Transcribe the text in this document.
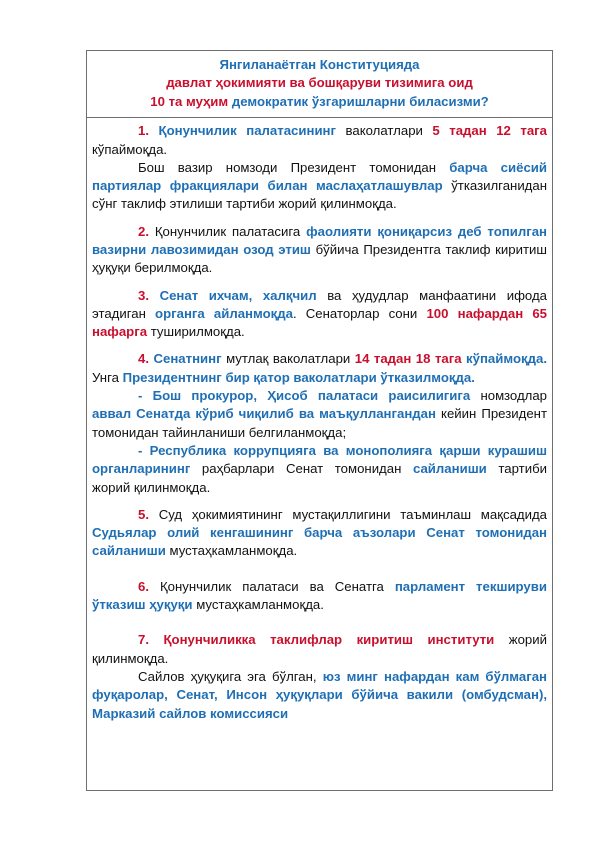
Янгиланаётган Конституцияда
давлат ҳокимияти ва бошқаруви тизимига оид
10 та муҳим демократик ўзгаришларни биласизми?

1. Қонунчилик палатасининг ваколатлари 5 тадан 12 тага кўпаймоқда.

Бош вазир номзоди Президент томонидан барча сиёсий партиялар фракциялари билан маслаҳатлашувлар ўтказилганидан сўнг таклиф этилиши тартиби жорий қилинмоқда.

2. Қонунчилик палатасига фаолияти қониқарсиз деб топилган вазирни лавозимидан озод этиш бўйича Президентга таклиф киритиш ҳуқуқи берилмоқда.

3. Сенат ихчам, халқчил ва ҳудудлар манфаатини ифода этадиган органга айланмоқда. Сенаторлар сони 100 нафардан 65 нафарга туширилмоқда.

4. Сенатнинг мутлақ ваколатлари 14 тадан 18 тага кўпаймоқда. Унга Президентнинг бир қатор ваколатлари ўтказилмоқда.

- Бош прокурор, Ҳисоб палатаси раисилигига номзодлар аввал Сенатда кўриб чиқилиб ва маъқуллангандан кейин Президент томонидан тайинланиши белгиланмоқда;

- Республика коррупцияга ва монополияга қарши курашиш органларининг раҳбарлари Сенат томонидан сайланиши тартиби жорий қилинмоқда.

5. Суд ҳокимиятининг мустақиллигини таъминлаш мақсадида Судьялар олий кенгашининг барча аъзолари Сенат томонидан сайланиши мустаҳкамланмоқда.

6. Қонунчилик палатаси ва Сенатга парламент текшируви ўтказиш ҳуқуқи мустаҳкамланмоқда.

7. Қонунчиликка таклифлар киритиш институти жорий қилинмоқда.

Сайлов ҳуқуқига эга бўлган, юз минг нафардан кам бўлмаган фуқаролар, Сенат, Инсон ҳуқуқлари бўйича вакили (омбудсман), Марказий сайлов комиссияси
